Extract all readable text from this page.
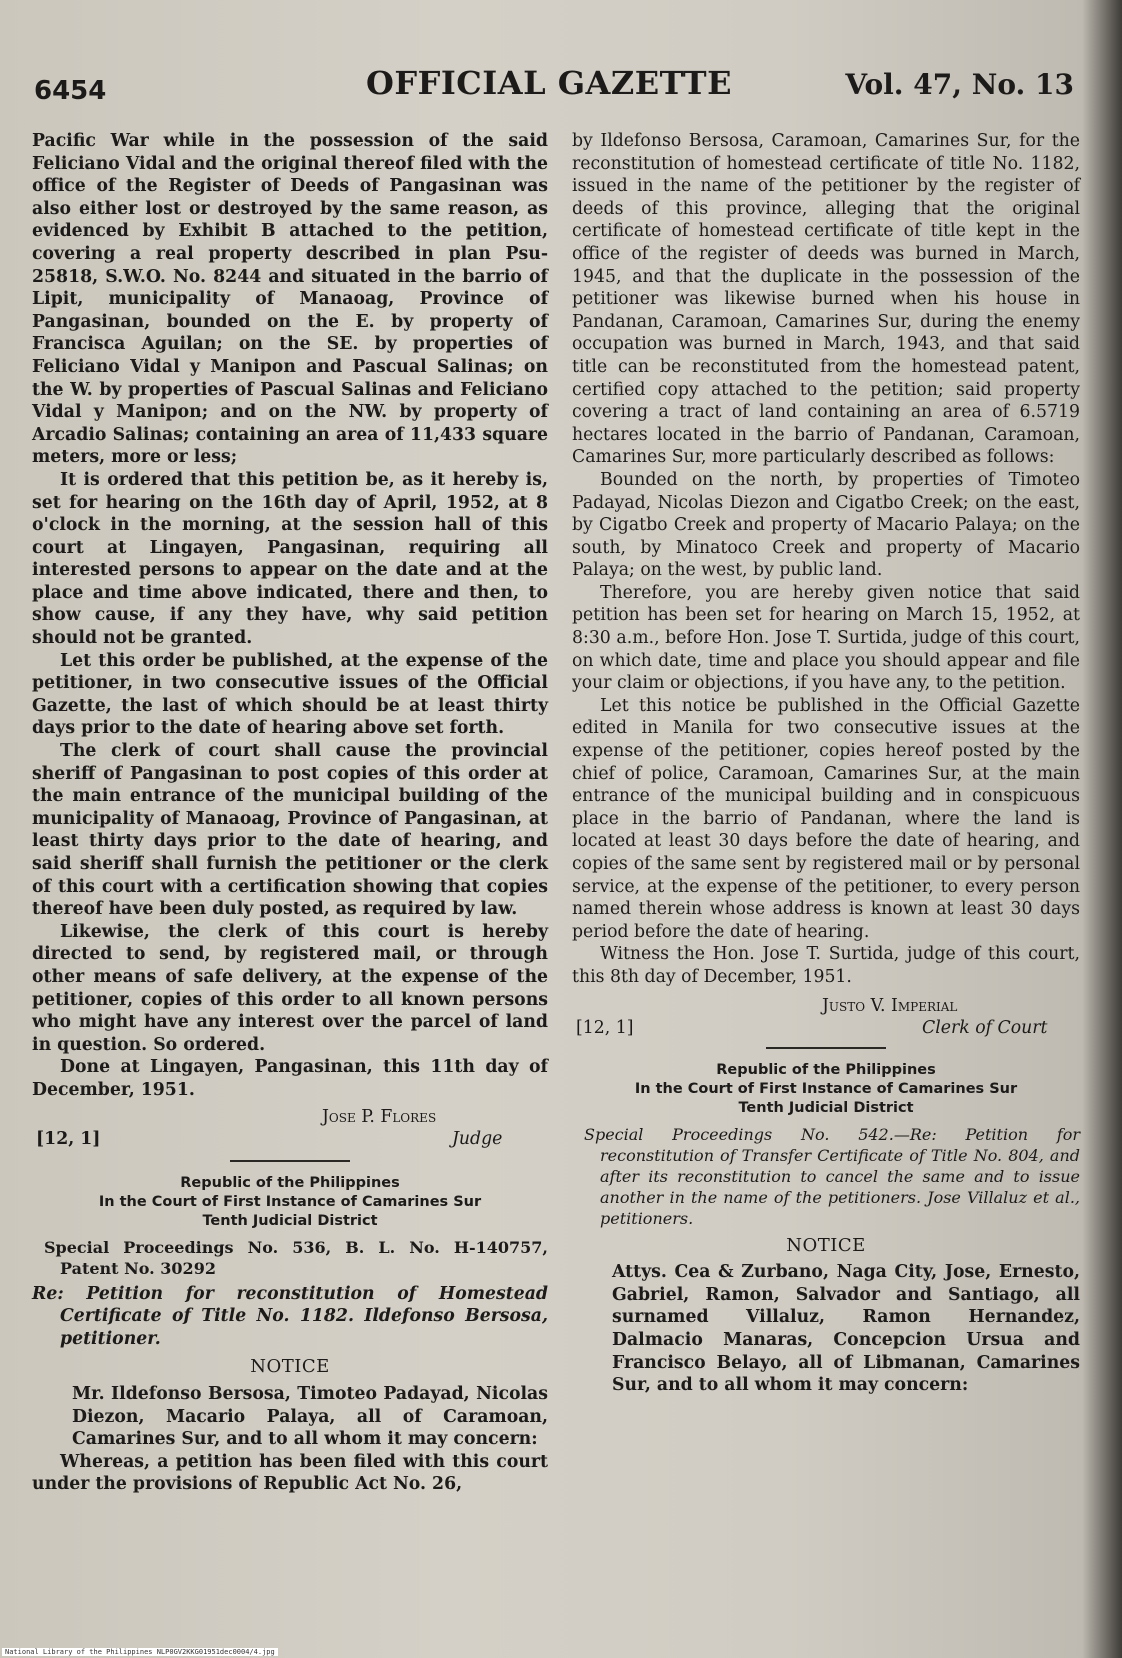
6454	OFFICIAL GAZETTE	Vol. 47, No. 13

Pacific War while in the possession of the said Feliciano Vidal and the original thereof filed with the office of the Register of Deeds of Pangasinan was also either lost or destroyed by the same reason, as evidenced by Exhibit B attached to the petition, covering a real property described in plan Psu-25818, S.W.O. No. 8244 and situated in the barrio of Lipit, municipality of Manaoag, Province of Pangasinan, bounded on the E. by property of Francisca Aguilan; on the SE. by properties of Feliciano Vidal y Manipon and Pascual Salinas; on the W. by properties of Pascual Salinas and Feliciano Vidal y Manipon; and on the NW. by property of Arcadio Salinas; containing an area of 11,433 square meters, more or less;

It is ordered that this petition be, as it hereby is, set for hearing on the 16th day of April, 1952, at 8 o'clock in the morning, at the session hall of this court at Lingayen, Pangasinan, requiring all interested persons to appear on the date and at the place and time above indicated, there and then, to show cause, if any they have, why said petition should not be granted.

Let this order be published, at the expense of the petitioner, in two consecutive issues of the Official Gazette, the last of which should be at least thirty days prior to the date of hearing above set forth.

The clerk of court shall cause the provincial sheriff of Pangasinan to post copies of this order at the main entrance of the municipal building of the municipality of Manaoag, Province of Pangasinan, at least thirty days prior to the date of hearing, and said sheriff shall furnish the petitioner or the clerk of this court with a certification showing that copies thereof have been duly posted, as required by law.

Likewise, the clerk of this court is hereby directed to send, by registered mail, or through other means of safe delivery, at the expense of the petitioner, copies of this order to all known persons who might have any interest over the parcel of land in question. So ordered.

Done at Lingayen, Pangasinan, this 11th day of December, 1951.

Jose P. Flores
Judge
[12, 1]
Republic of the Philippines
In the Court of First Instance of Camarines Sur
Tenth Judicial District
Special Proceedings No. 536, B. L. No. H-140757, Patent No. 30292
Re: Petition for reconstitution of Homestead Certificate of Title No. 1182. Ildefonso Bersosa, petitioner.
NOTICE

Mr. Ildefonso Bersosa, Timoteo Padayad, Nicolas Diezon, Macario Palaya, all of Caramoan, Camarines Sur, and to all whom it may concern:

Whereas, a petition has been filed with this court under the provisions of Republic Act No. 26,

by Ildefonso Bersosa, Caramoan, Camarines Sur, for the reconstitution of homestead certificate of title No. 1182, issued in the name of the petitioner by the register of deeds of this province, alleging that the original certificate of homestead certificate of title kept in the office of the register of deeds was burned in March, 1945, and that the duplicate in the possession of the petitioner was likewise burned when his house in Pandanan, Caramoan, Camarines Sur, during the enemy occupation was burned in March, 1943, and that said title can be reconstituted from the homestead patent, certified copy attached to the petition; said property covering a tract of land containing an area of 6.5719 hectares located in the barrio of Pandanan, Caramoan, Camarines Sur, more particularly described as follows:

Bounded on the north, by properties of Timoteo Padayad, Nicolas Diezon and Cigatbo Creek; on the east, by Cigatbo Creek and property of Macario Palaya; on the south, by Minatoco Creek and property of Macario Palaya; on the west, by public land.

Therefore, you are hereby given notice that said petition has been set for hearing on March 15, 1952, at 8:30 a.m., before Hon. Jose T. Surtida, judge of this court, on which date, time and place you should appear and file your claim or objections, if you have any, to the petition.

Let this notice be published in the Official Gazette edited in Manila for two consecutive issues at the expense of the petitioner, copies hereof posted by the chief of police, Caramoan, Camarines Sur, at the main entrance of the municipal building and in conspicuous place in the barrio of Pandanan, where the land is located at least 30 days before the date of hearing, and copies of the same sent by registered mail or by personal service, at the expense of the petitioner, to every person named therein whose address is known at least 30 days period before the date of hearing.

Witness the Hon. Jose T. Surtida, judge of this court, this 8th day of December, 1951.

Justo V. Imperial
Clerk of Court
[12, 1]
Republic of the Philippines
In the Court of First Instance of Camarines Sur
Tenth Judicial District
Special Proceedings No. 542.—Re: Petition for reconstitution of Transfer Certificate of Title No. 804, and after its reconstitution to cancel the same and to issue another in the name of the petitioners. Jose Villaluz et al., petitioners.
NOTICE

Attys. Cea & Zurbano, Naga City, Jose, Ernesto, Gabriel, Ramon, Salvador and Santiago, all surnamed Villaluz, Ramon Hernandez, Dalmacio Manaras, Concepcion Ursua and Francisco Belayo, all of Libmanan, Camarines Sur, and to all whom it may concern:

National Library of the Philippines NLP0GV2KKG01951dec0004/4.jpg
